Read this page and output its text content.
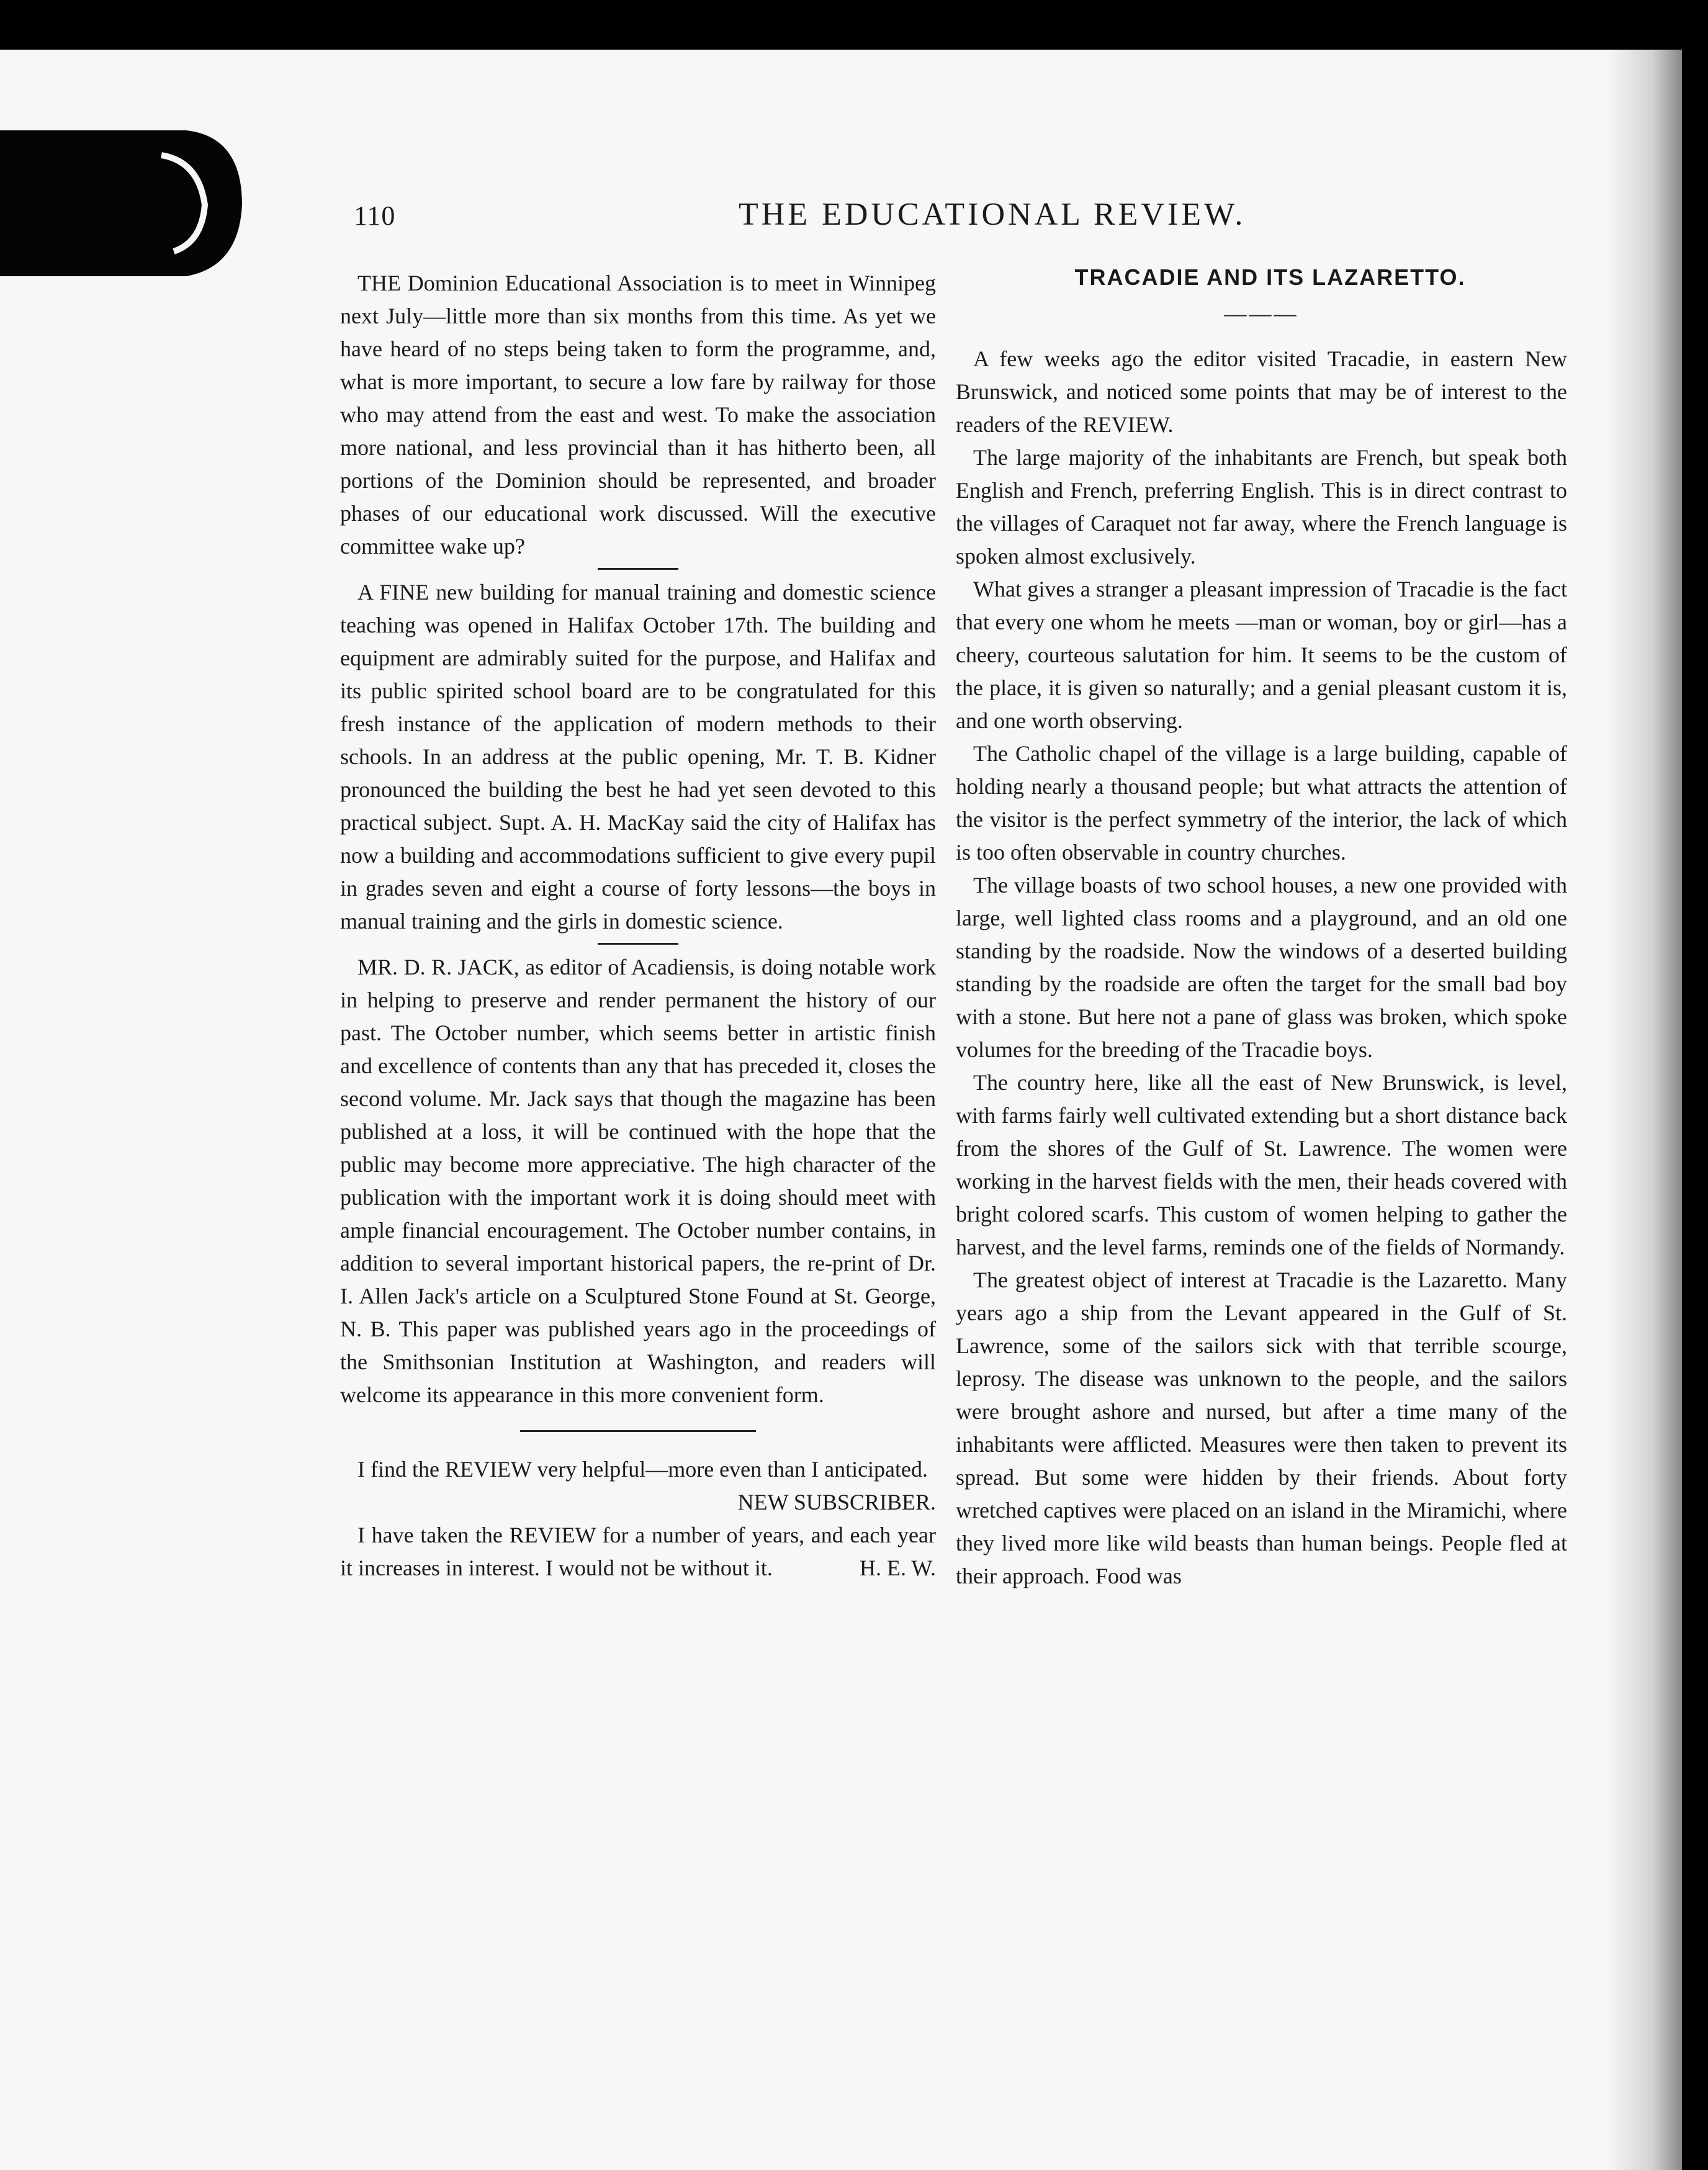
110	THE EDUCATIONAL REVIEW.

THE Dominion Educational Association is to meet in Winnipeg next July—little more than six months from this time. As yet we have heard of no steps being taken to form the programme, and, what is more important, to secure a low fare by railway for those who may attend from the east and west. To make the association more national, and less provincial than it has hitherto been, all portions of the Dominion should be represented, and broader phases of our educational work discussed. Will the executive committee wake up?

A FINE new building for manual training and domestic science teaching was opened in Halifax October 17th. The building and equipment are admirably suited for the purpose, and Halifax and its public spirited school board are to be congratulated for this fresh instance of the application of modern methods to their schools. In an address at the public opening, Mr. T. B. Kidner pronounced the building the best he had yet seen devoted to this practical subject. Supt. A. H. MacKay said the city of Halifax has now a building and accommodations sufficient to give every pupil in grades seven and eight a course of forty lessons—the boys in manual training and the girls in domestic science.

MR. D. R. JACK, as editor of Acadiensis, is doing notable work in helping to preserve and render permanent the history of our past. The October number, which seems better in artistic finish and excellence of contents than any that has preceded it, closes the second volume. Mr. Jack says that though the magazine has been published at a loss, it will be continued with the hope that the public may become more appreciative. The high character of the publication with the important work it is doing should meet with ample financial encouragement. The October number contains, in addition to several important historical papers, the re-print of Dr. I. Allen Jack's article on a Sculptured Stone Found at St. George, N. B. This paper was published years ago in the proceedings of the Smithsonian Institution at Washington, and readers will welcome its appearance in this more convenient form.

I find the REVIEW very helpful—more even than I anticipated.
NEW SUBSCRIBER.

I have taken the REVIEW for a number of years, and each year it increases in interest. I would not be without it.	H. E. W.

TRACADIE AND ITS LAZARETTO.

———

A few weeks ago the editor visited Tracadie, in eastern New Brunswick, and noticed some points that may be of interest to the readers of the REVIEW.

The large majority of the inhabitants are French, but speak both English and French, preferring English. This is in direct contrast to the villages of Caraquet not far away, where the French language is spoken almost exclusively.

What gives a stranger a pleasant impression of Tracadie is the fact that every one whom he meets —man or woman, boy or girl—has a cheery, courteous salutation for him. It seems to be the custom of the place, it is given so naturally; and a genial pleasant custom it is, and one worth observing.

The Catholic chapel of the village is a large building, capable of holding nearly a thousand people; but what attracts the attention of the visitor is the perfect symmetry of the interior, the lack of which is too often observable in country churches.

The village boasts of two school houses, a new one provided with large, well lighted class rooms and a playground, and an old one standing by the roadside. Now the windows of a deserted building standing by the roadside are often the target for the small bad boy with a stone. But here not a pane of glass was broken, which spoke volumes for the breeding of the Tracadie boys.

The country here, like all the east of New Brunswick, is level, with farms fairly well cultivated extending but a short distance back from the shores of the Gulf of St. Lawrence. The women were working in the harvest fields with the men, their heads covered with bright colored scarfs. This custom of women helping to gather the harvest, and the level farms, reminds one of the fields of Normandy.

The greatest object of interest at Tracadie is the Lazaretto. Many years ago a ship from the Levant appeared in the Gulf of St. Lawrence, some of the sailors sick with that terrible scourge, leprosy. The disease was unknown to the people, and the sailors were brought ashore and nursed, but after a time many of the inhabitants were afflicted. Measures were then taken to prevent its spread. But some were hidden by their friends. About forty wretched captives were placed on an island in the Miramichi, where they lived more like wild beasts than human beings. People fled at their approach. Food was
